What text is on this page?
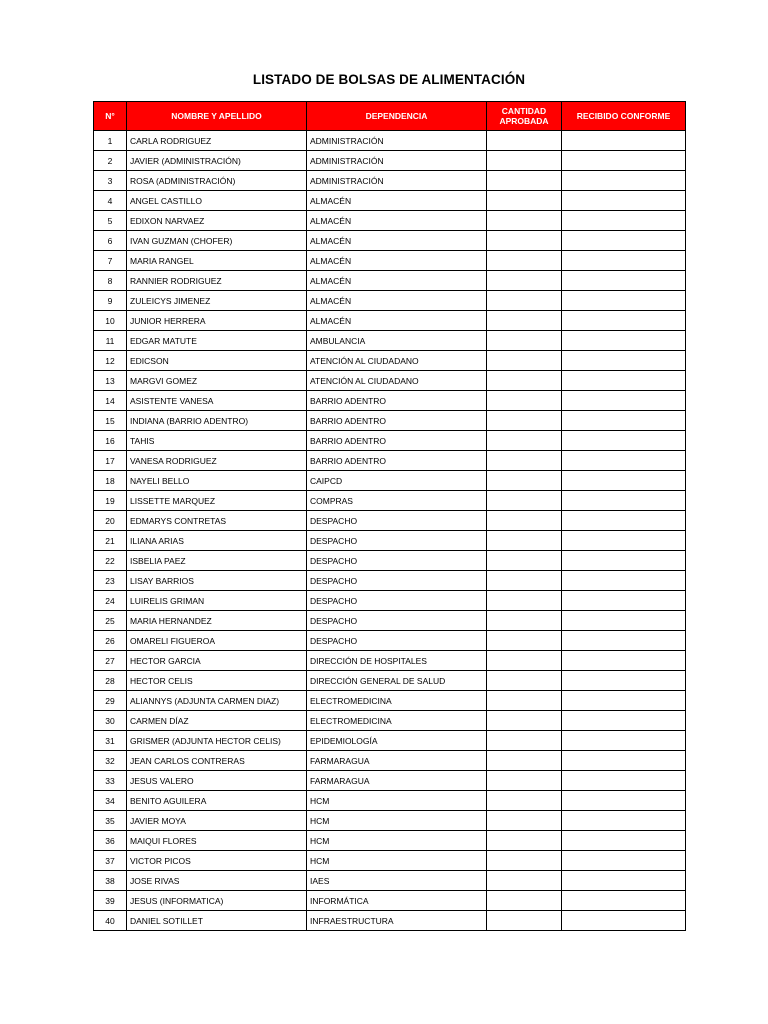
LISTADO DE BOLSAS DE ALIMENTACIÓN
N°	NOMBRE Y APELLIDO	DEPENDENCIA	CANTIDAD APROBADA	RECIBIDO CONFORME
1	CARLA RODRIGUEZ	ADMINISTRACIÓN		
2	JAVIER (ADMINISTRACIÓN)	ADMINISTRACIÓN		
3	ROSA (ADMINISTRACIÓN)	ADMINISTRACIÓN		
4	ANGEL CASTILLO	ALMACÉN		
5	EDIXON NARVAEZ	ALMACÉN		
6	IVAN GUZMAN (CHOFER)	ALMACÉN		
7	MARIA RANGEL	ALMACÉN		
8	RANNIER RODRIGUEZ	ALMACÉN		
9	ZULEICYS JIMENEZ	ALMACÉN		
10	JUNIOR HERRERA	ALMACÉN		
11	EDGAR MATUTE	AMBULANCIA		
12	EDICSON	ATENCIÓN AL CIUDADANO		
13	MARGVI GOMEZ	ATENCIÓN AL CIUDADANO		
14	ASISTENTE VANESA	BARRIO ADENTRO		
15	INDIANA (BARRIO ADENTRO)	BARRIO ADENTRO		
16	TAHIS	BARRIO ADENTRO		
17	VANESA RODRIGUEZ	BARRIO ADENTRO		
18	NAYELI BELLO	CAIPCD		
19	LISSETTE MARQUEZ	COMPRAS		
20	EDMARYS CONTRETAS	DESPACHO		
21	ILIANA ARIAS	DESPACHO		
22	ISBELIA PAEZ	DESPACHO		
23	LISAY BARRIOS	DESPACHO		
24	LUIRELIS GRIMAN	DESPACHO		
25	MARIA HERNANDEZ	DESPACHO		
26	OMARELI FIGUEROA	DESPACHO		
27	HECTOR GARCIA	DIRECCIÓN DE HOSPITALES		
28	HECTOR CELIS	DIRECCIÓN GENERAL DE SALUD		
29	ALIANNYS (ADJUNTA CARMEN DIAZ)	ELECTROMEDICINA		
30	CARMEN DÍAZ	ELECTROMEDICINA		
31	GRISMER (ADJUNTA HECTOR CELIS)	EPIDEMIOLOGÍA		
32	JEAN CARLOS CONTRERAS	FARMARAGUA		
33	JESUS VALERO	FARMARAGUA		
34	BENITO AGUILERA	HCM		
35	JAVIER MOYA	HCM		
36	MAIQUI FLORES	HCM		
37	VICTOR PICOS	HCM		
38	JOSE RIVAS	IAES		
39	JESUS (INFORMATICA)	INFORMÁTICA		
40	DANIEL SOTILLET	INFRAESTRUCTURA		
